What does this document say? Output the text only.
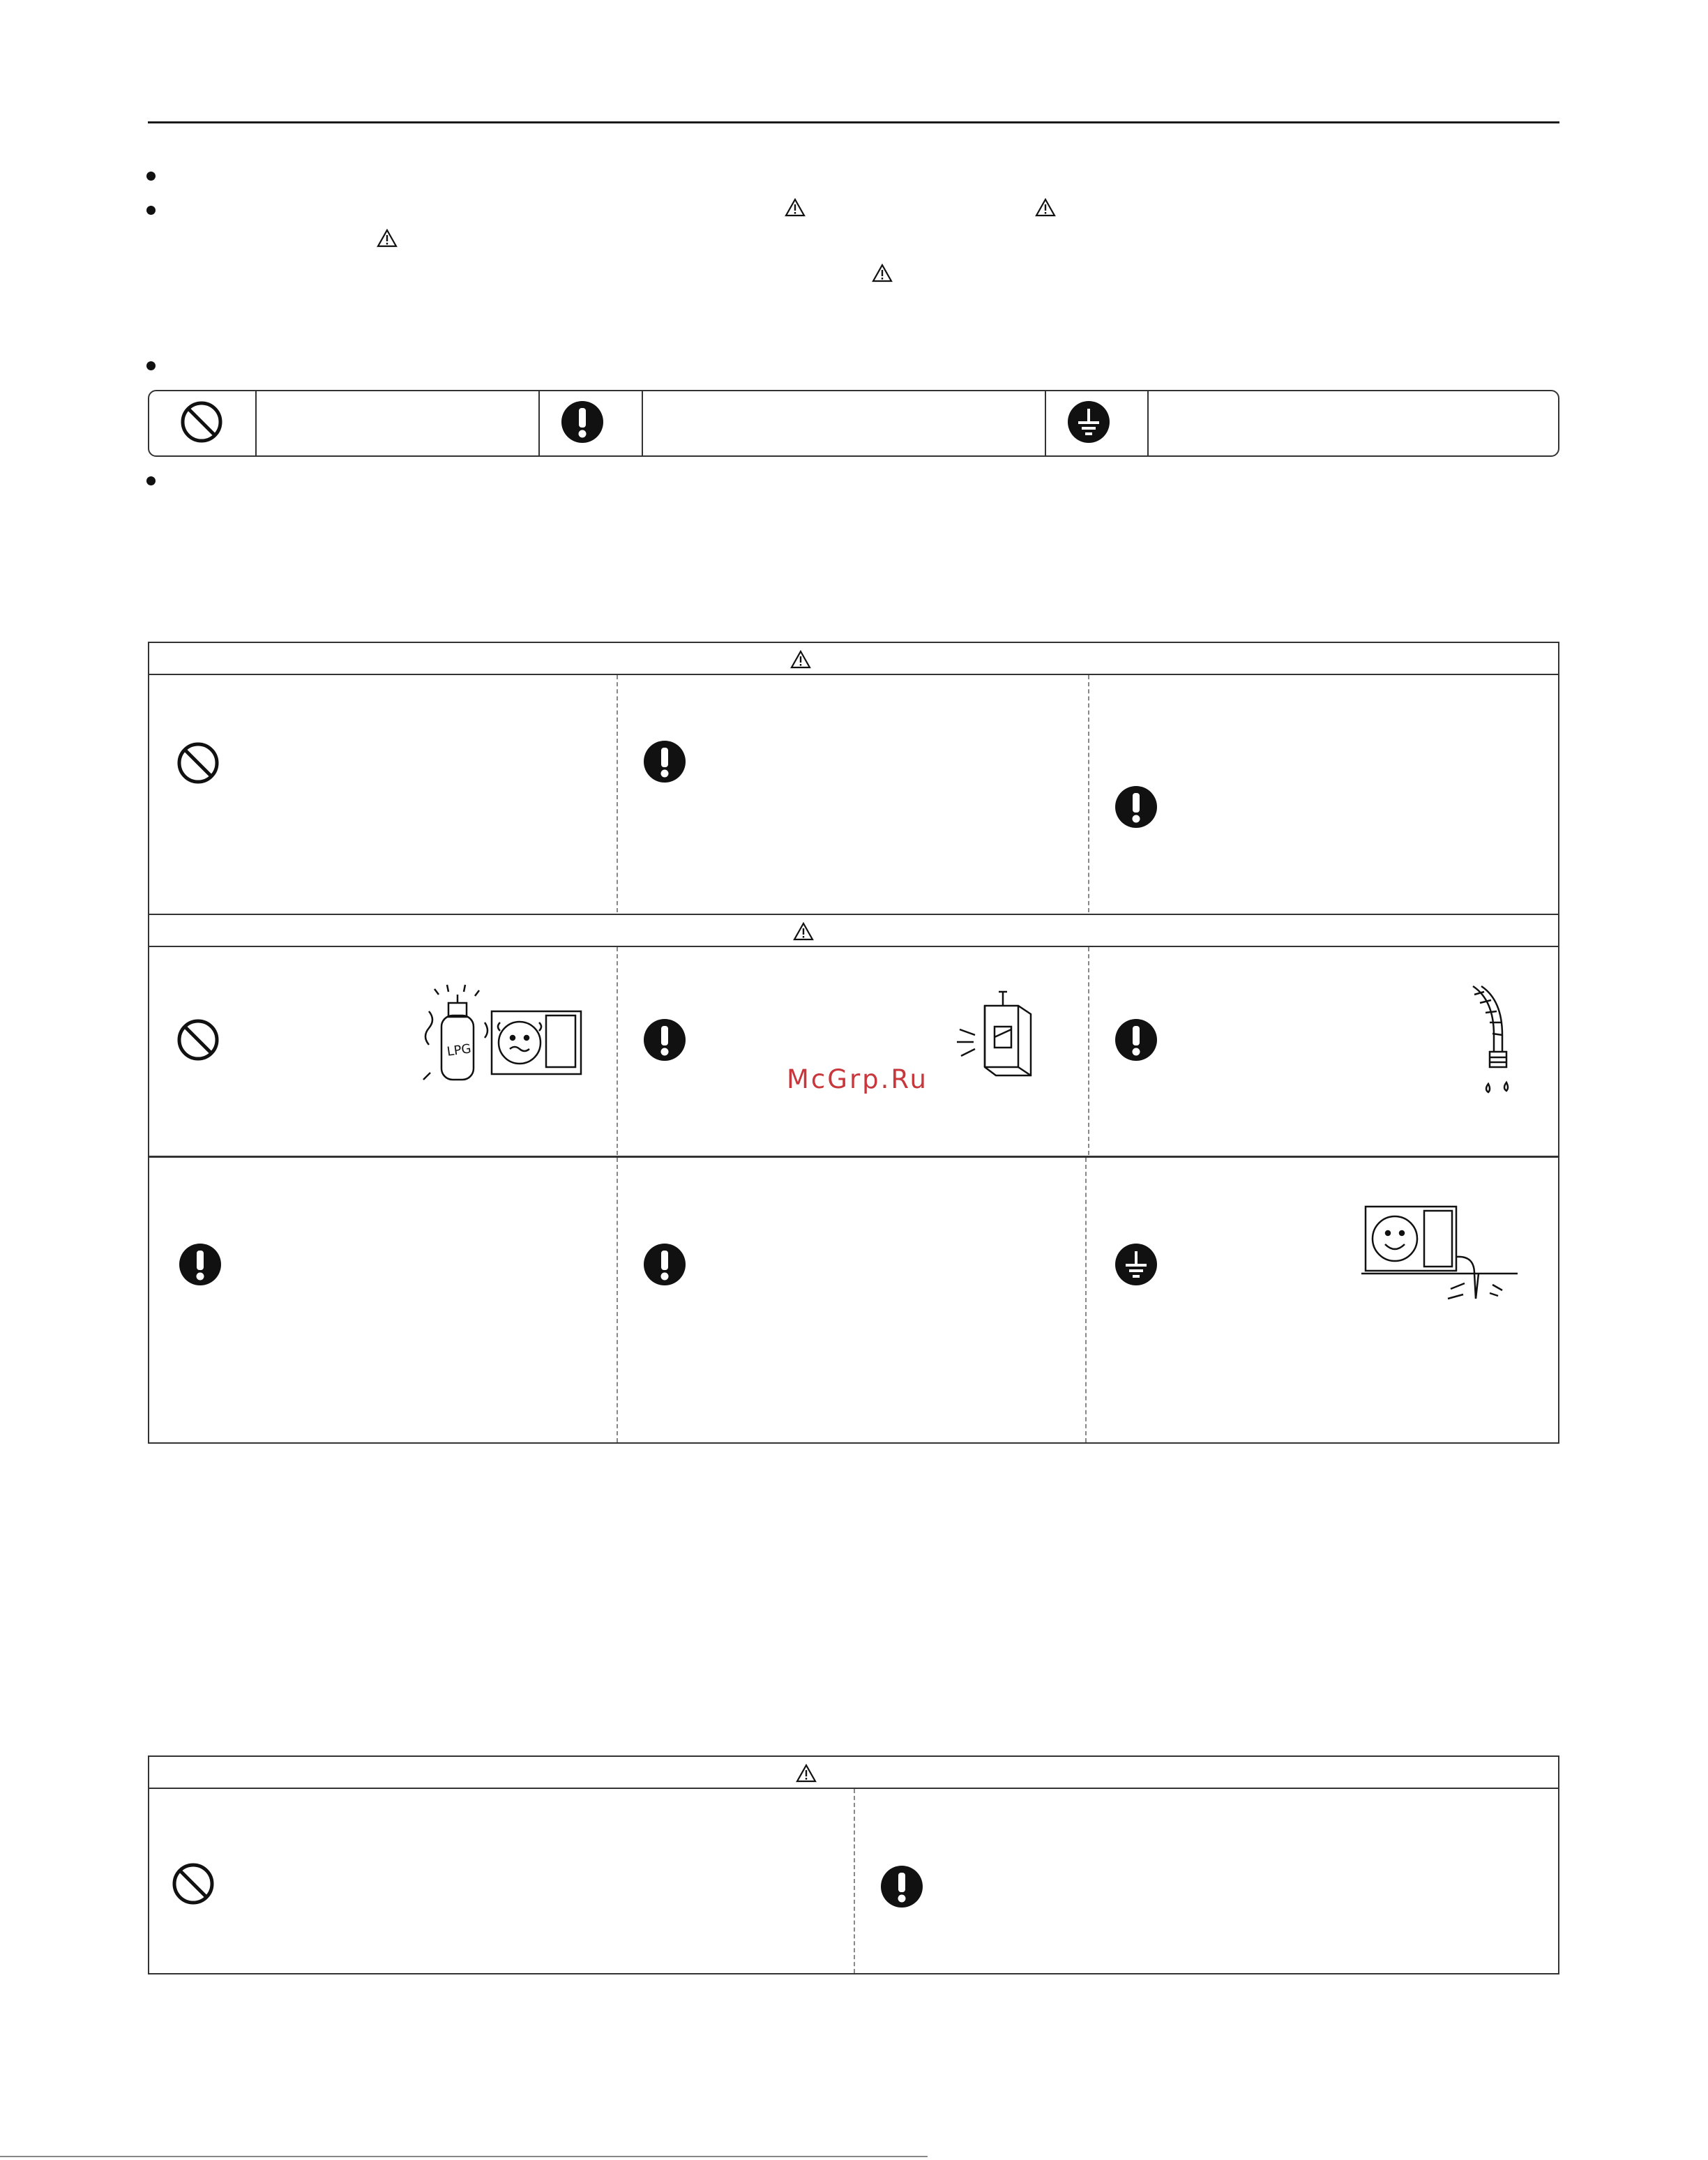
LPG
McGrp.Ru
